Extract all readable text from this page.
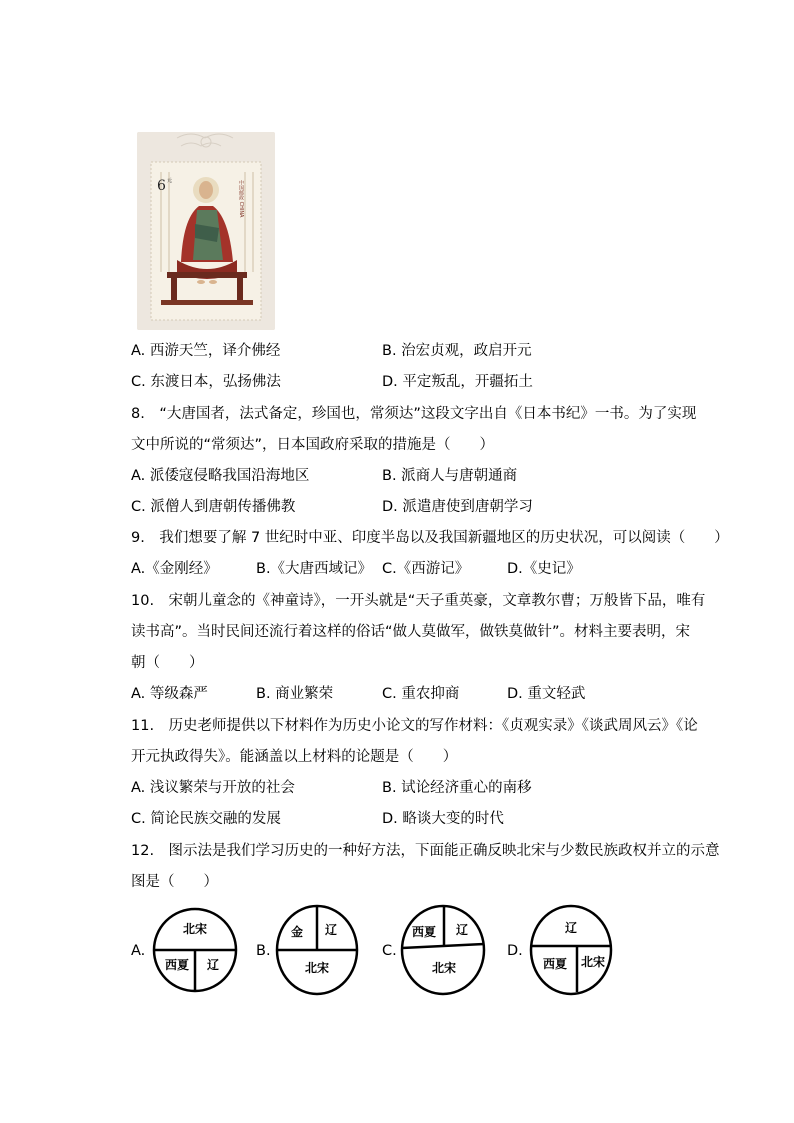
6 元	中国邮政 CHINA
A. 西游天竺，译介佛经	B. 治宏贞观，政启开元
C. 东渡日本，弘扬佛法	D. 平定叛乱，开疆拓土
8.　“大唐国者，法式备定，珍国也，常须达”这段文字出自《日本书纪》一书。为了实现
文中所说的“常须达”，日本国政府采取的措施是（　　）
A. 派倭寇侵略我国沿海地区	B. 派商人与唐朝通商
C. 派僧人到唐朝传播佛教	D. 派遣唐使到唐朝学习
9.　我们想要了解 7 世纪时中亚、印度半岛以及我国新疆地区的历史状况，可以阅读（　　）
A.《金刚经》	B.《大唐西域记》 C.《西游记》	D.《史记》
10.　宋朝儿童念的《神童诗》，一开头就是“天子重英豪，文章教尔曹；万般皆下品，唯有
读书高”。当时民间还流行着这样的俗话“做人莫做军，做铁莫做针”。材料主要表明，宋
朝（　　）
A. 等级森严	B. 商业繁荣	C. 重农抑商	D. 重文轻武
11.　历史老师提供以下材料作为历史小论文的写作材料：《贞观实录》《谈武周风云》《论
开元执政得失》。能涵盖以上材料的论题是（　　）
A. 浅议繁荣与开放的社会	B. 试论经济重心的南移
C. 简论民族交融的发展	D. 略谈大变的时代
12.　图示法是我们学习历史的一种好方法，下面能正确反映北宋与少数民族政权并立的示意
图是（　　）
A.
北宋
西夏 辽
B.
金 辽
北宋
C.
西夏 辽
北宋
D.
辽
西夏 北宋
